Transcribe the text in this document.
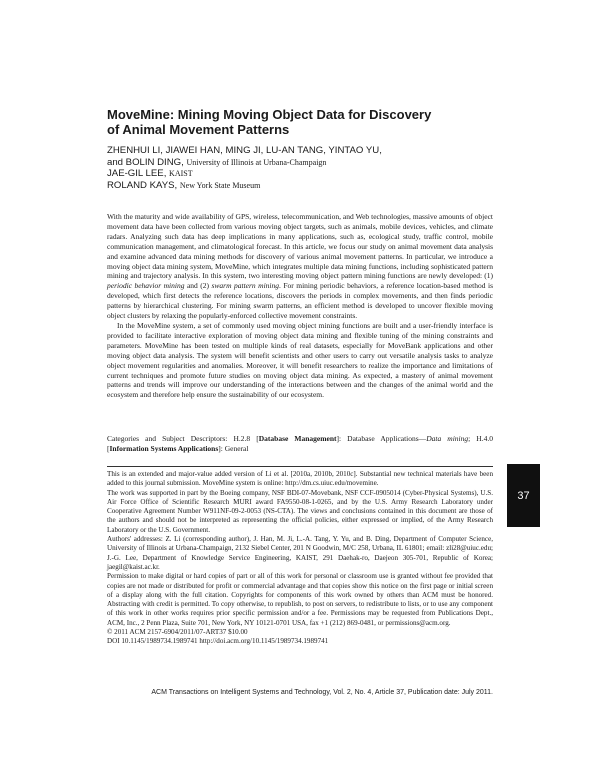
MoveMine: Mining Moving Object Data for Discovery
of Animal Movement Patterns
ZHENHUI LI, JIAWEI HAN, MING JI, LU-AN TANG, YINTAO YU,
and BOLIN DING, University of Illinois at Urbana-Champaign
JAE-GIL LEE, KAIST
ROLAND KAYS, New York State Museum

With the maturity and wide availability of GPS, wireless, telecommunication, and Web technologies, massive amounts of object movement data have been collected from various moving object targets, such as animals, mobile devices, vehicles, and climate radars. Analyzing such data has deep implications in many applications, such as, ecological study, traffic control, mobile communication management, and climatological forecast. In this article, we focus our study on animal movement data analysis and examine advanced data mining methods for discovery of various animal movement patterns. In particular, we introduce a moving object data mining system, MoveMine, which integrates multiple data mining functions, including sophisticated pattern mining and trajectory analysis. In this system, two interesting moving object pattern mining functions are newly developed: (1) periodic behavior mining and (2) swarm pattern mining. For mining periodic behaviors, a reference location-based method is developed, which first detects the reference locations, discovers the periods in complex movements, and then finds periodic patterns by hierarchical clustering. For mining swarm patterns, an efficient method is developed to uncover flexible moving object clusters by relaxing the popularly-enforced collective movement constraints.

In the MoveMine system, a set of commonly used moving object mining functions are built and a user-friendly interface is provided to facilitate interactive exploration of moving object data mining and flexible tuning of the mining constraints and parameters. MoveMine has been tested on multiple kinds of real datasets, especially for MoveBank applications and other moving object data analysis. The system will benefit scientists and other users to carry out versatile analysis tasks to analyze object movement regularities and anomalies. Moreover, it will benefit researchers to realize the importance and limitations of current techniques and promote future studies on moving object data mining. As expected, a mastery of animal movement patterns and trends will improve our understanding of the interactions between and the changes of the animal world and the ecosystem and therefore help ensure the sustainability of our ecosystem.

Categories and Subject Descriptors: H.2.8 [Database Management]: Database Applications—Data mining; H.4.0 [Information Systems Applications]: General

This is an extended and major-value added version of Li et al. [2010a, 2010b, 2010c]. Substantial new technical materials have been added to this journal submission. MoveMine system is online: http://dm.cs.uiuc.edu/movemine.

The work was supported in part by the Boeing company, NSF BDI-07-Movebank, NSF CCF-0905014 (Cyber-Physical Systems), U.S. Air Force Office of Scientific Research MURI award FA9550-08-1-0265, and by the U.S. Army Research Laboratory under Cooperative Agreement Number W911NF-09-2-0053 (NS-CTA). The views and conclusions contained in this document are those of the authors and should not be interpreted as representing the official policies, either expressed or implied, of the Army Research Laboratory or the U.S. Government.

Authors' addresses: Z. Li (corresponding author), J. Han, M. Ji, L.-A. Tang, Y. Yu, and B. Ding, Department of Computer Science, University of Illinois at Urbana-Champaign, 2132 Siebel Center, 201 N Goodwin, M/C 258, Urbana, IL 61801; email: zli28@uiuc.edu; J.-G. Lee, Department of Knowledge Service Engineering, KAIST, 291 Daehak-ro, Daejeon 305-701, Republic of Korea; jaegil@kaist.ac.kr.

Permission to make digital or hard copies of part or all of this work for personal or classroom use is granted without fee provided that copies are not made or distributed for profit or commercial advantage and that copies show this notice on the first page or initial screen of a display along with the full citation. Copyrights for components of this work owned by others than ACM must be honored. Abstracting with credit is permitted. To copy otherwise, to republish, to post on servers, to redistribute to lists, or to use any component of this work in other works requires prior specific permission and/or a fee. Permissions may be requested from Publications Dept., ACM, Inc., 2 Penn Plaza, Suite 701, New York, NY 10121-0701 USA, fax +1 (212) 869-0481, or permissions@acm.org.

© 2011 ACM 2157-6904/2011/07-ART37 $10.00

DOI 10.1145/1989734.1989741 http://doi.acm.org/10.1145/1989734.1989741

37
ACM Transactions on Intelligent Systems and Technology, Vol. 2, No. 4, Article 37, Publication date: July 2011.
